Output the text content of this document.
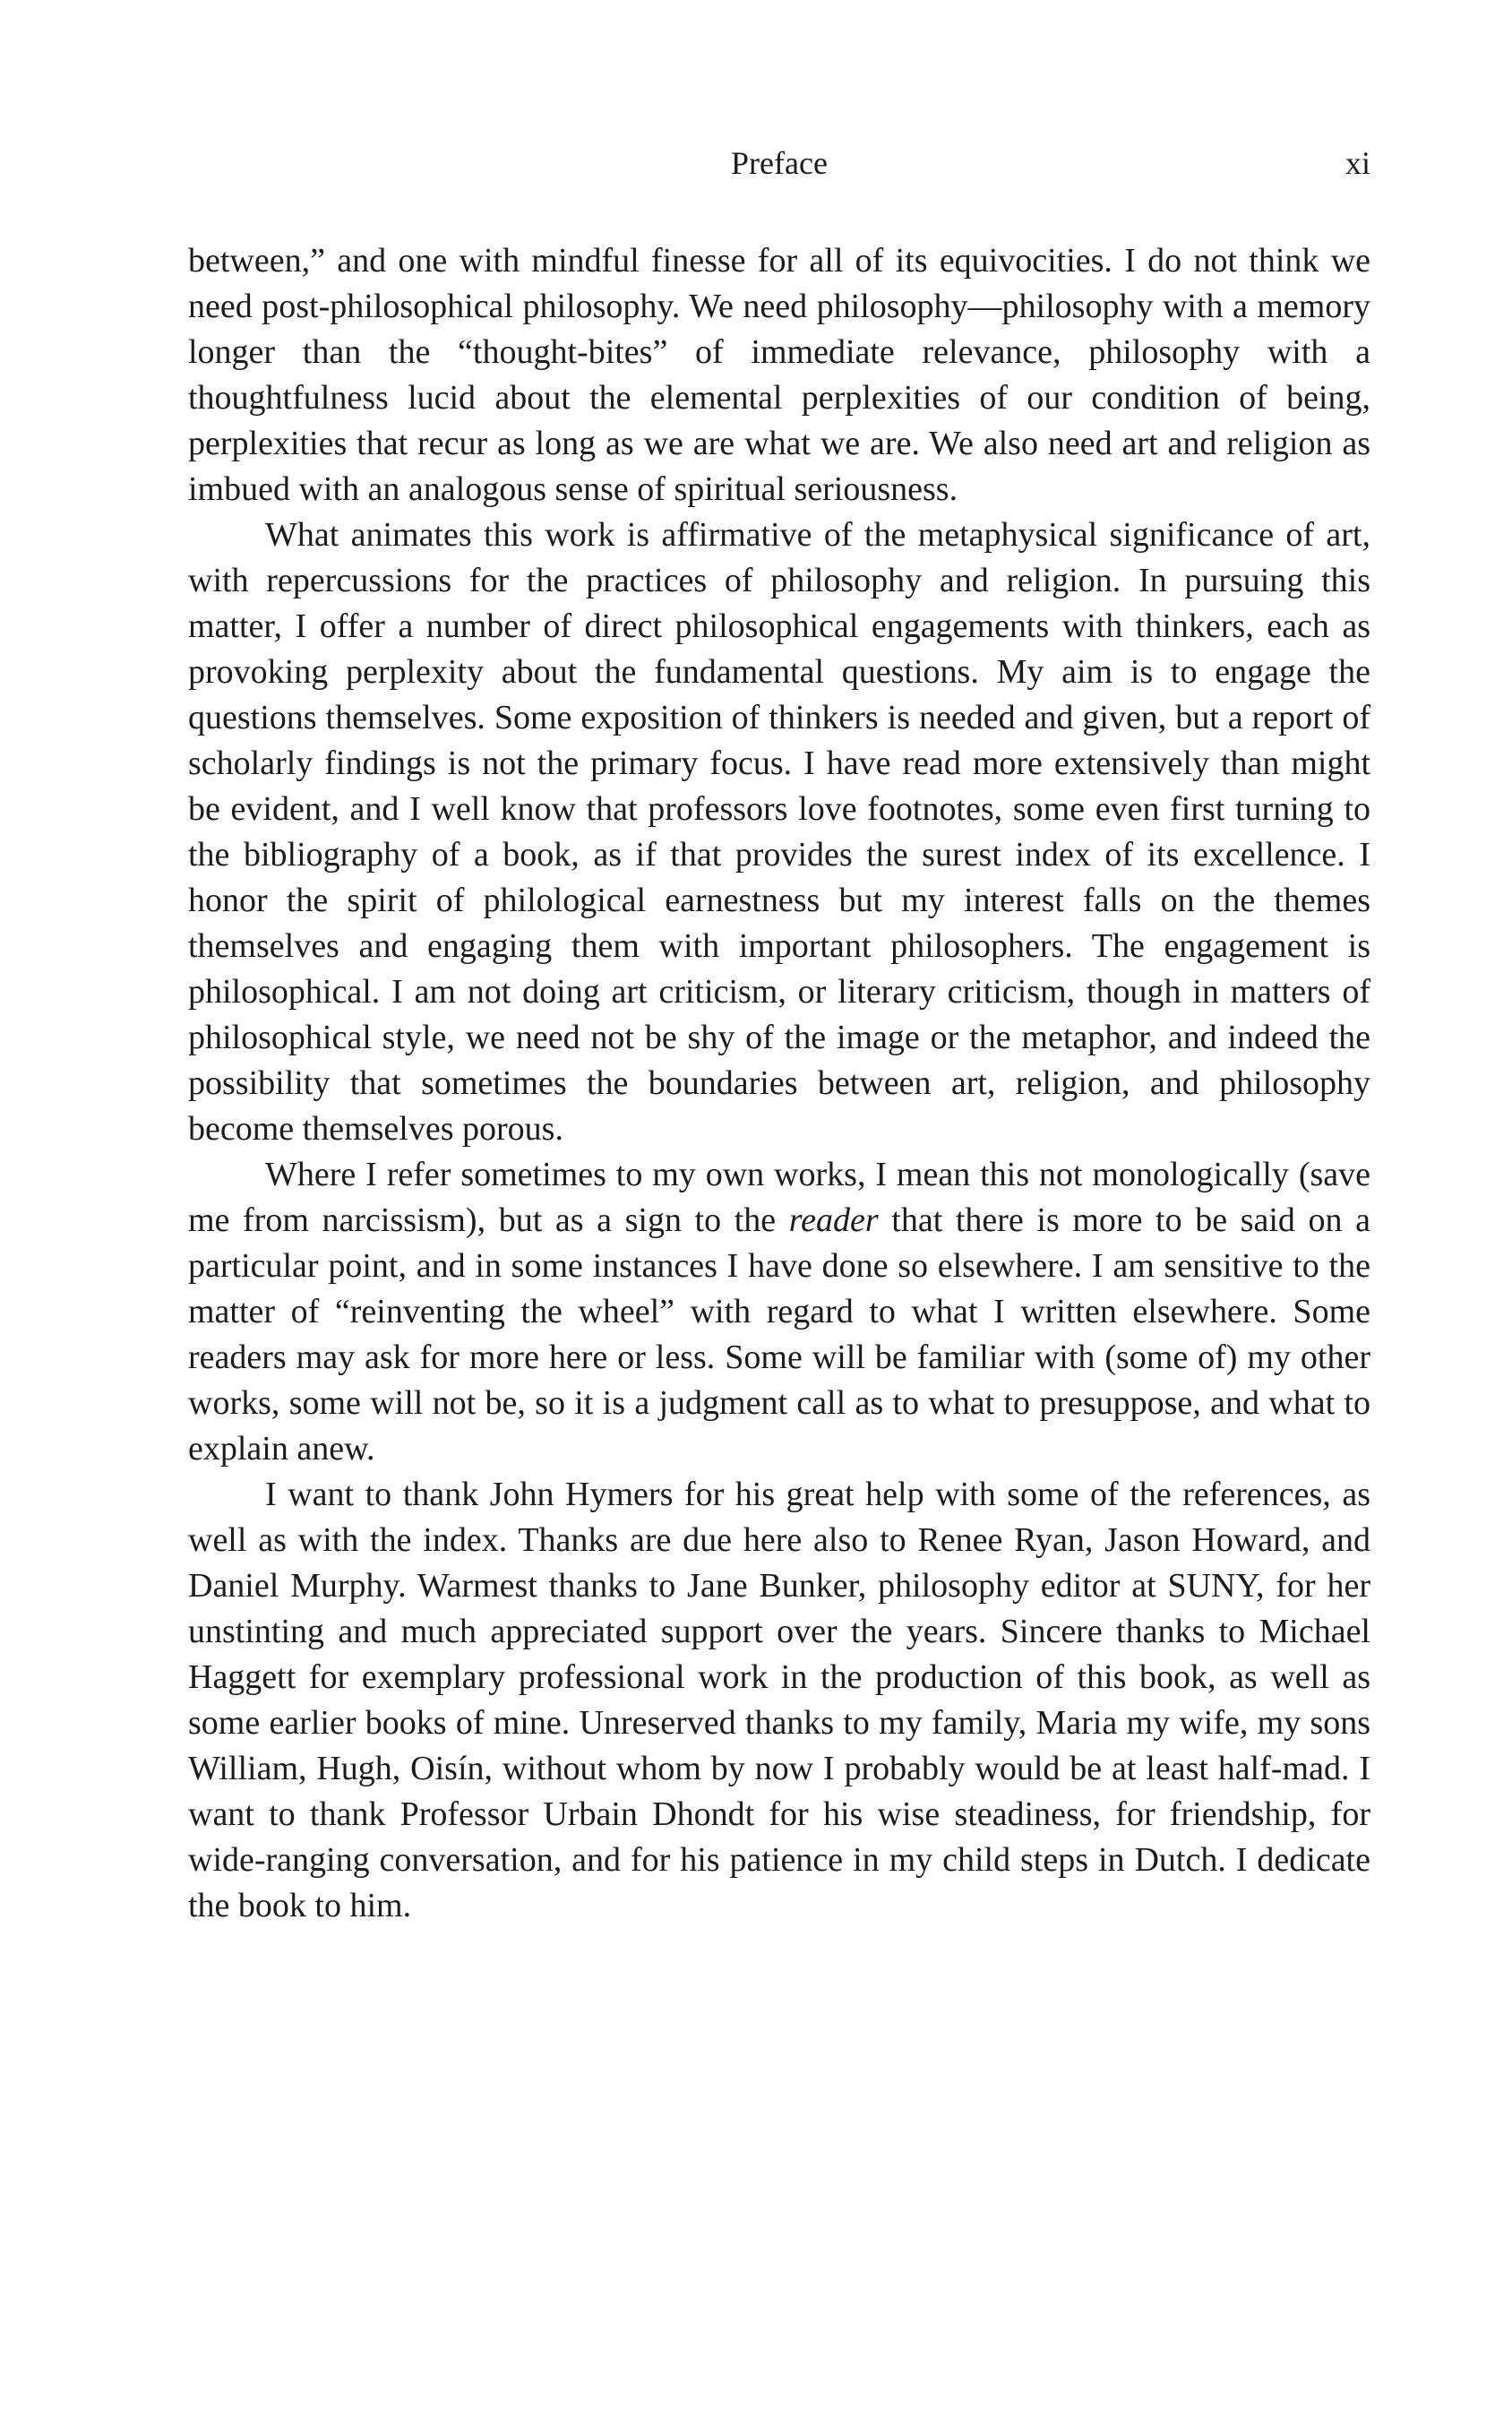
Preface	xi

between,” and one with mindful finesse for all of its equivocities. I do not think we need post-philosophical philosophy. We need philosophy—philosophy with a memory longer than the “thought-bites” of immediate relevance, philosophy with a thoughtfulness lucid about the elemental perplexities of our condition of being, perplexities that recur as long as we are what we are. We also need art and religion as imbued with an analogous sense of spiritual seriousness.

What animates this work is affirmative of the metaphysical significance of art, with repercussions for the practices of philosophy and religion. In pursuing this matter, I offer a number of direct philosophical engagements with thinkers, each as provoking perplexity about the fundamental questions. My aim is to engage the questions themselves. Some exposition of thinkers is needed and given, but a report of scholarly findings is not the primary focus. I have read more extensively than might be evident, and I well know that professors love footnotes, some even first turning to the bibliography of a book, as if that provides the surest index of its excellence. I honor the spirit of philological earnestness but my interest falls on the themes themselves and engaging them with important philosophers. The engagement is philosophical. I am not doing art criticism, or literary criticism, though in matters of philosophical style, we need not be shy of the image or the metaphor, and indeed the possibility that sometimes the boundaries between art, religion, and philosophy become themselves porous.

Where I refer sometimes to my own works, I mean this not monologically (save me from narcissism), but as a sign to the reader that there is more to be said on a particular point, and in some instances I have done so elsewhere. I am sensitive to the matter of “reinventing the wheel” with regard to what I written elsewhere. Some readers may ask for more here or less. Some will be familiar with (some of) my other works, some will not be, so it is a judgment call as to what to presuppose, and what to explain anew.

I want to thank John Hymers for his great help with some of the references, as well as with the index. Thanks are due here also to Renee Ryan, Jason Howard, and Daniel Murphy. Warmest thanks to Jane Bunker, philosophy editor at SUNY, for her unstinting and much appreciated support over the years. Sincere thanks to Michael Haggett for exemplary professional work in the production of this book, as well as some earlier books of mine. Unreserved thanks to my family, Maria my wife, my sons William, Hugh, Oisín, without whom by now I probably would be at least half-mad. I want to thank Professor Urbain Dhondt for his wise steadiness, for friendship, for wide-ranging conversation, and for his patience in my child steps in Dutch. I dedicate the book to him.
